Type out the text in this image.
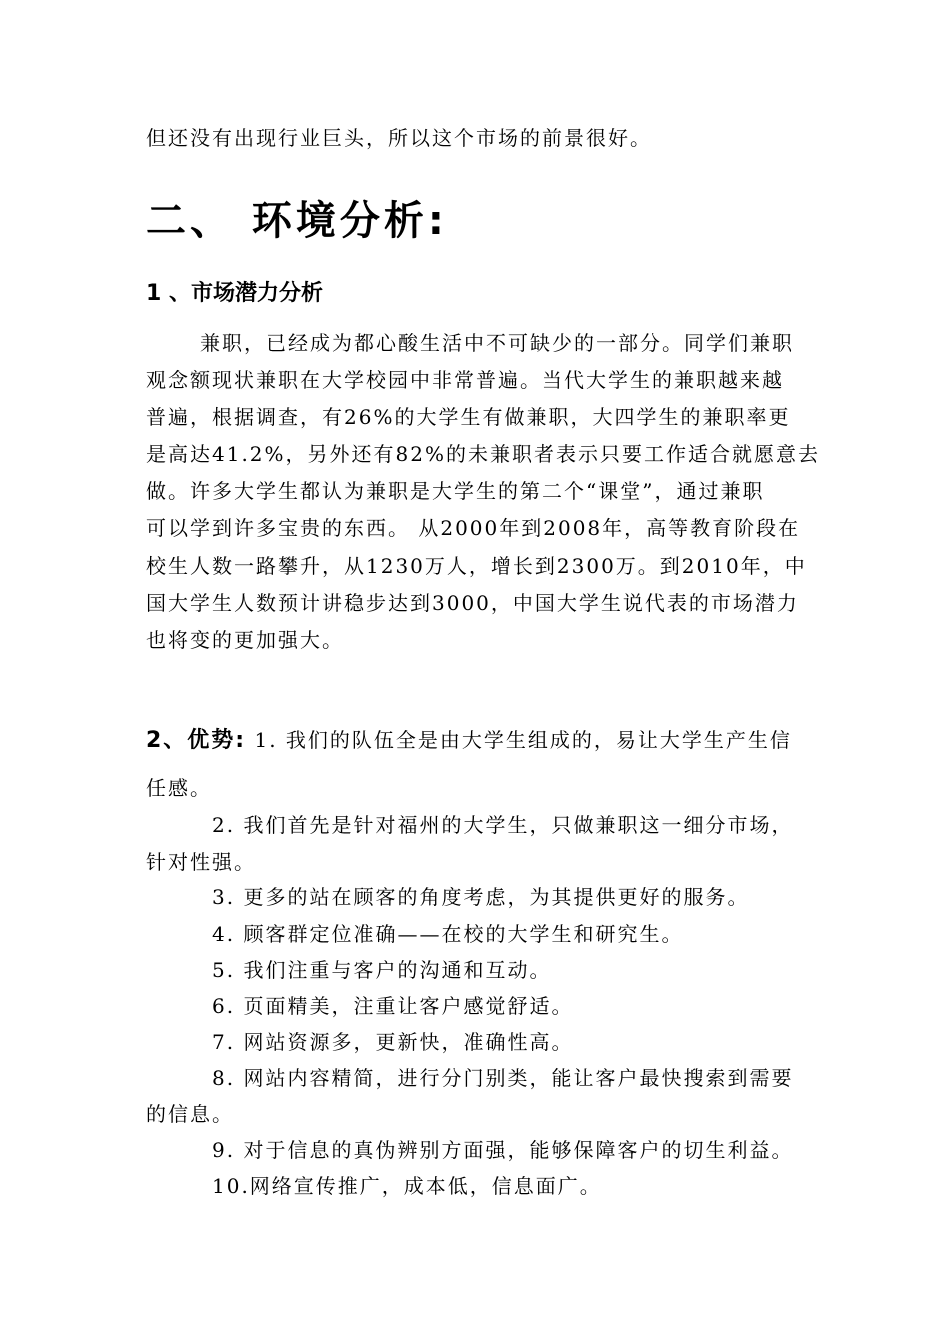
但还没有出现行业巨头，所以这个市场的前景很好。
二、 环境分析:
1 、市场潜力分析
兼职，已经成为都心酸生活中不可缺少的一部分。同学们兼职
观念额现状兼职在大学校园中非常普遍。当代大学生的兼职越来越
普遍，根据调查，有26%的大学生有做兼职，大四学生的兼职率更
是高达41.2%，另外还有82%的未兼职者表示只要工作适合就愿意去
做。许多大学生都认为兼职是大学生的第二个“课堂”，通过兼职
可以学到许多宝贵的东西。 从2000年到2008年，高等教育阶段在
校生人数一路攀升，从1230万人，增长到2300万。到2010年，中
国大学生人数预计讲稳步达到3000，中国大学生说代表的市场潜力
也将变的更加强大。
2、优势: 1. 我们的队伍全是由大学生组成的，易让大学生产生信
任感。
2. 我们首先是针对福州的大学生，只做兼职这一细分市场，
针对性强。
3. 更多的站在顾客的角度考虑，为其提供更好的服务。
4. 顾客群定位准确——在校的大学生和研究生。
5. 我们注重与客户的沟通和互动。
6. 页面精美，注重让客户感觉舒适。
7. 网站资源多，更新快，准确性高。
8. 网站内容精简，进行分门别类，能让客户最快搜索到需要
的信息。
9. 对于信息的真伪辨别方面强，能够保障客户的切生利益。
10.网络宣传推广，成本低，信息面广。
